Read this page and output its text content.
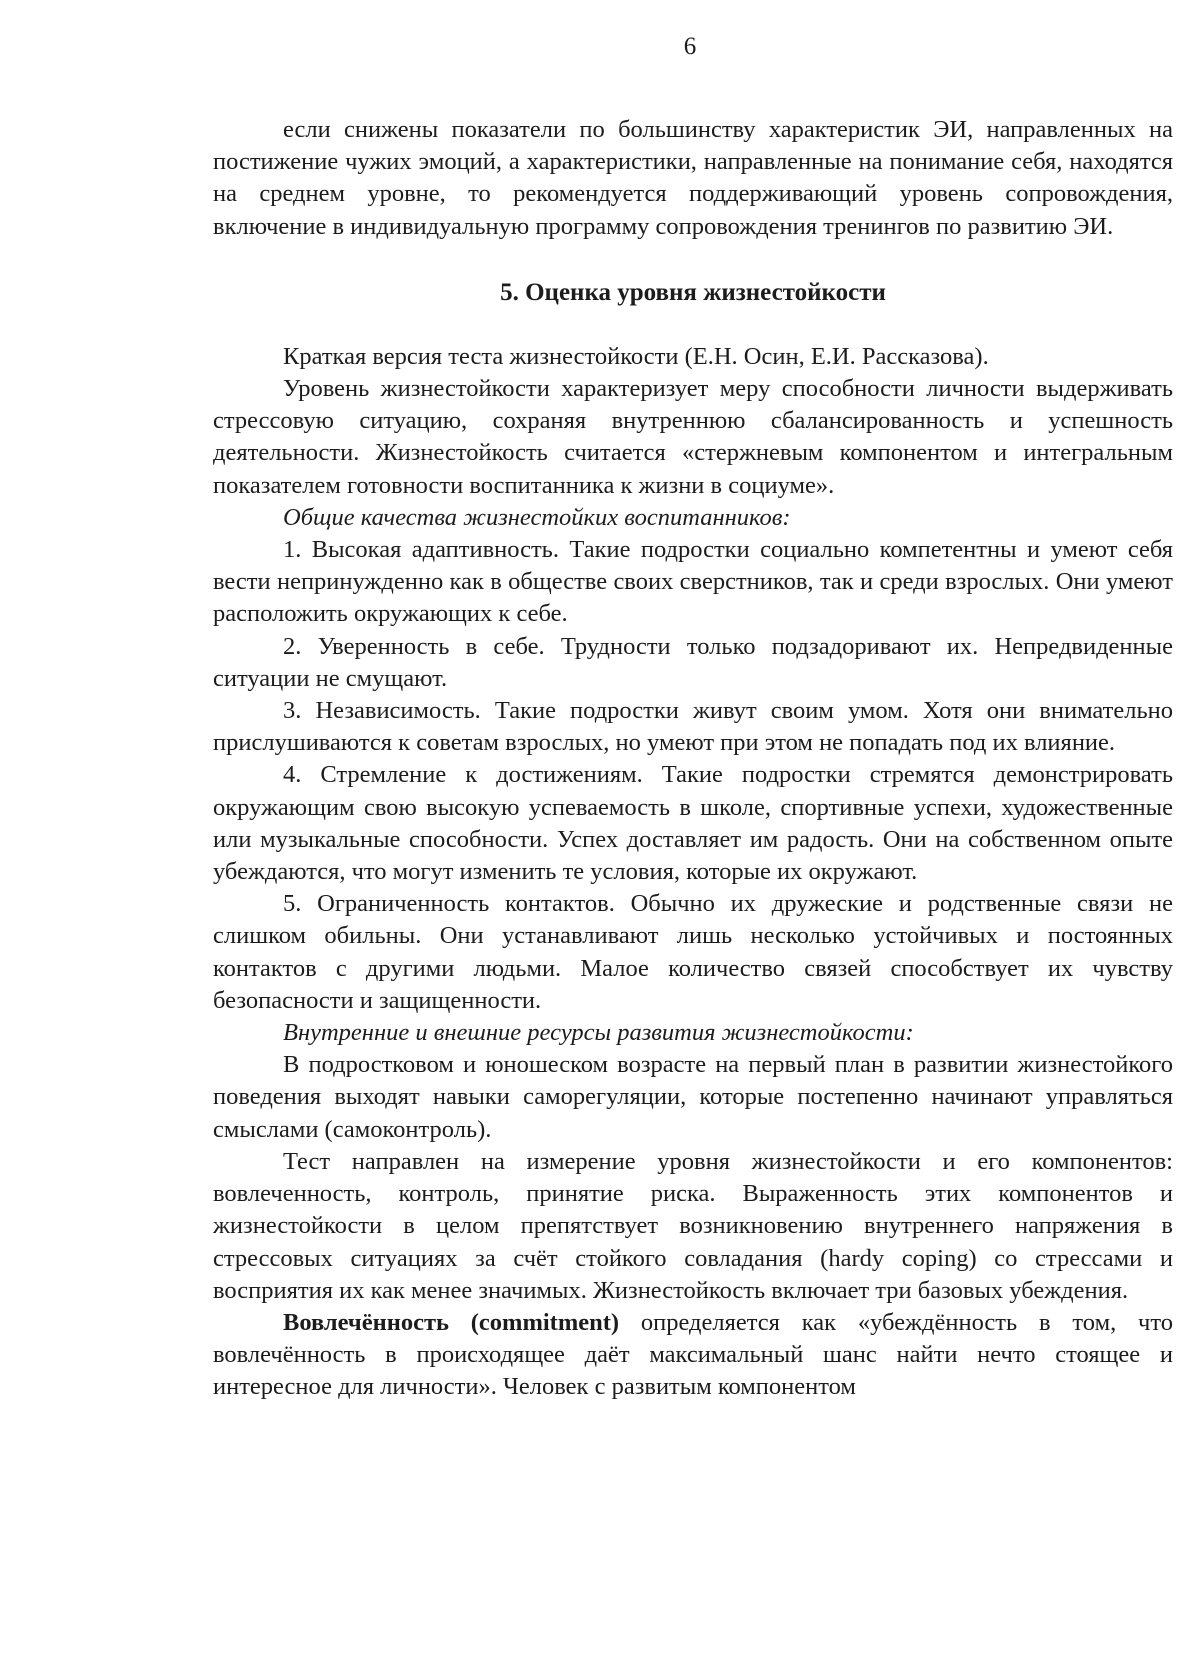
6

если снижены показатели по большинству характеристик ЭИ, направленных на постижение чужих эмоций, а характеристики, направленные на понимание себя, находятся на среднем уровне, то рекомендуется поддерживающий уровень сопровождения, включение в индивидуальную программу сопровождения тренингов по развитию ЭИ.

5. Оценка уровня жизнестойкости

Краткая версия теста жизнестойкости (Е.Н. Осин, Е.И. Рассказова).

Уровень жизнестойкости характеризует меру способности личности выдерживать стрессовую ситуацию, сохраняя внутреннюю сбалансированность и успешность деятельности. Жизнестойкость считается «стержневым компонентом и интегральным показателем готовности воспитанника к жизни в социуме».

Общие качества жизнестойких воспитанников:

1. Высокая адаптивность. Такие подростки социально компетентны и умеют себя вести непринужденно как в обществе своих сверстников, так и среди взрослых. Они умеют расположить окружающих к себе.

2. Уверенность в себе. Трудности только подзадоривают их. Непредвиденные ситуации не смущают.

3. Независимость. Такие подростки живут своим умом. Хотя они внимательно прислушиваются к советам взрослых, но умеют при этом не попадать под их влияние.

4. Стремление к достижениям. Такие подростки стремятся демонстрировать окружающим свою высокую успеваемость в школе, спортивные успехи, художественные или музыкальные способности. Успех доставляет им радость. Они на собственном опыте убеждаются, что могут изменить те условия, которые их окружают.

5. Ограниченность контактов. Обычно их дружеские и родственные связи не слишком обильны. Они устанавливают лишь несколько устойчивых и постоянных контактов с другими людьми. Малое количество связей способствует их чувству безопасности и защищенности.

Внутренние и внешние ресурсы развития жизнестойкости:

В подростковом и юношеском возрасте на первый план в развитии жизнестойкого поведения выходят навыки саморегуляции, которые постепенно начинают управляться смыслами (самоконтроль).

Тест направлен на измерение уровня жизнестойкости и его компонентов: вовлеченность, контроль, принятие риска. Выраженность этих компонентов и жизнестойкости в целом препятствует возникновению внутреннего напряжения в стрессовых ситуациях за счёт стойкого совладания (hardy coping) со стрессами и восприятия их как менее значимых. Жизнестойкость включает три базовых убеждения.

Вовлечённость (commitment) определяется как «убеждённость в том, что вовлечённость в происходящее даёт максимальный шанс найти нечто стоящее и интересное для личности». Человек с развитым компонентом
